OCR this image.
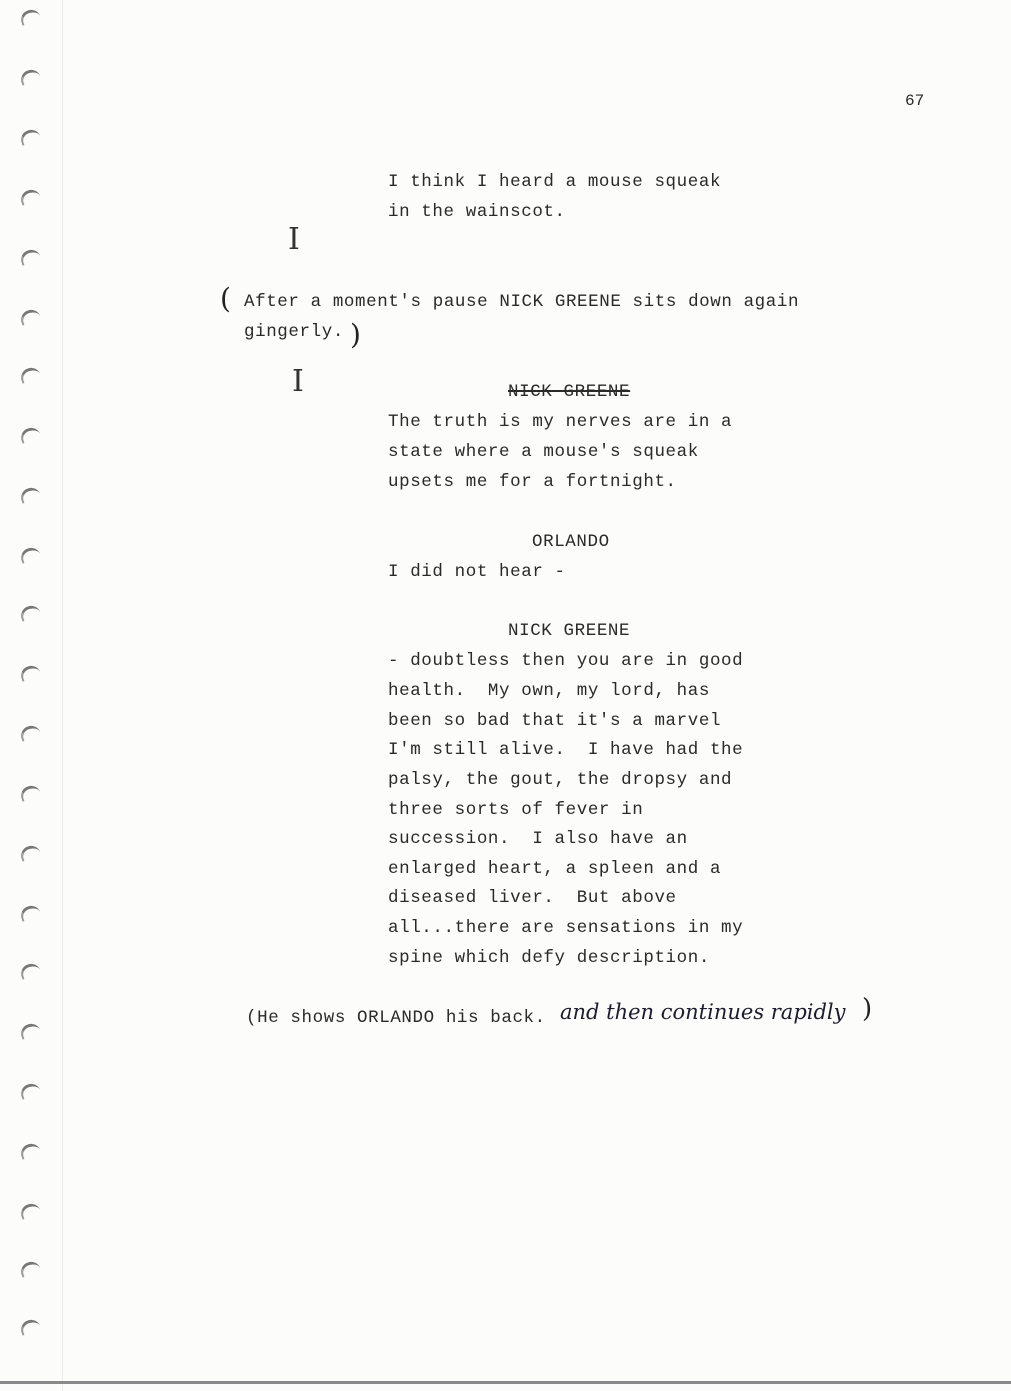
67
I think I heard a mouse squeak
in the wainscot.
I
( After a moment's pause NICK GREENE sits down again
gingerly. )
I	NICK GREENE
The truth is my nerves are in a
state where a mouse's squeak
upsets me for a fortnight.
ORLANDO
I did not hear -
NICK GREENE
- doubtless then you are in good
health.  My own, my lord, has
been so bad that it's a marvel
I'm still alive.  I have had the
palsy, the gout, the dropsy and
three sorts of fever in
succession.  I also have an
enlarged heart, a spleen and a
diseased liver.  But above
all...there are sensations in my
spine which defy description.
(He shows ORLANDO his back. and then continues rapidly )
